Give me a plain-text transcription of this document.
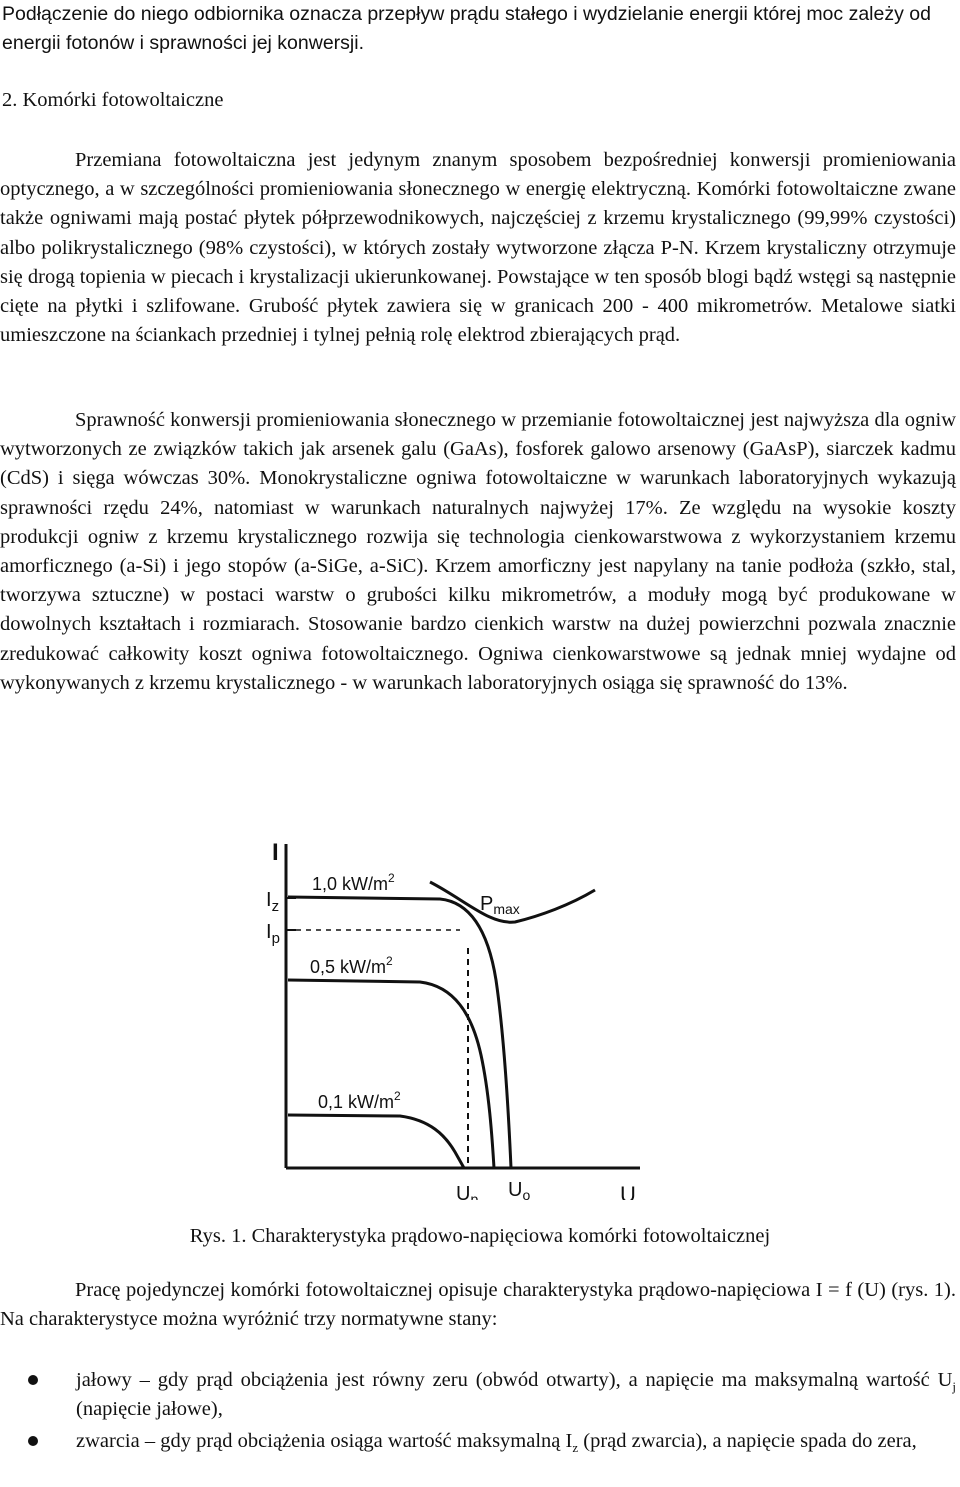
Podłączenie do niego odbiornika oznacza przepływ prądu stałego i wydzielanie energii której moc zależy od energii fotonów i sprawności jej konwersji.

2. Komórki fotowoltaiczne

Przemiana fotowoltaiczna jest jedynym znanym sposobem bezpośredniej konwersji promieniowania optycznego, a w szczególności promieniowania słonecznego w energię elektryczną. Komórki fotowoltaiczne zwane także ogniwami mają postać płytek półprzewodnikowych, najczęściej z krzemu krystalicznego (99,99% czystości) albo polikrystalicznego (98% czystości), w których zostały wytworzone złącza P-N. Krzem krystaliczny otrzymuje się drogą topienia w piecach i krystalizacji ukierunkowanej. Powstające w ten sposób blogi bądź wstęgi są następnie cięte na płytki i szlifowane. Grubość płytek zawiera się w granicach 200 - 400 mikrometrów. Metalowe siatki umieszczone na ściankach przedniej i tylnej pełnią rolę elektrod zbierających prąd.

Sprawność konwersji promieniowania słonecznego w przemianie fotowoltaicznej jest najwyższa dla ogniw wytworzonych ze związków takich jak arsenek galu (GaAs), fosforek galowo arsenowy (GaAsP), siarczek kadmu (CdS) i sięga wówczas 30%. Monokrystaliczne ogniwa fotowoltaiczne w warunkach laboratoryjnych wykazują sprawności rzędu 24%, natomiast w warunkach naturalnych najwyżej 17%. Ze względu na wysokie koszty produkcji ogniw z krzemu krystalicznego rozwija się technologia cienkowarstwowa z wykorzystaniem krzemu amorficznego (a-Si) i jego stopów (a-SiGe, a-SiC). Krzem amorficzny jest napylany na tanie podłoża (szkło, stal, tworzywa sztuczne) w postaci warstw o grubości kilku mikrometrów, a moduły mogą być produkowane w dowolnych kształtach i rozmiarach. Stosowanie bardzo cienkich warstw na dużej powierzchni pozwala znacznie zredukować całkowity koszt ogniwa fotowoltaicznego. Ogniwa cienkowarstwowe są jednak mniej wydajne od wykonywanych z krzemu krystalicznego - w warunkach laboratoryjnych osiąga się sprawność do 13%.

I
U
$I_z$
$I_p$
1,0 $kW/m^2$
0,5 $kW/m^2$
0,1 $kW/m^2$
$P_{max}$
$U_p$ $U_o$

Rys. 1. Charakterystyka prądowo-napięciowa komórki fotowoltaicznej

Pracę pojedynczej komórki fotowoltaicznej opisuje charakterystyka prądowo-napięciowa I = f (U) (rys. 1). Na charakterystyce można wyróżnić trzy normatywne stany:

jałowy – gdy prąd obciążenia jest równy zeru (obwód otwarty), a napięcie ma maksymalną wartość $U_j$ (napięcie jałowe),
zwarcia – gdy prąd obciążenia osiąga wartość maksymalną $I_z$ (prąd zwarcia), a napięcie spada do zera,
